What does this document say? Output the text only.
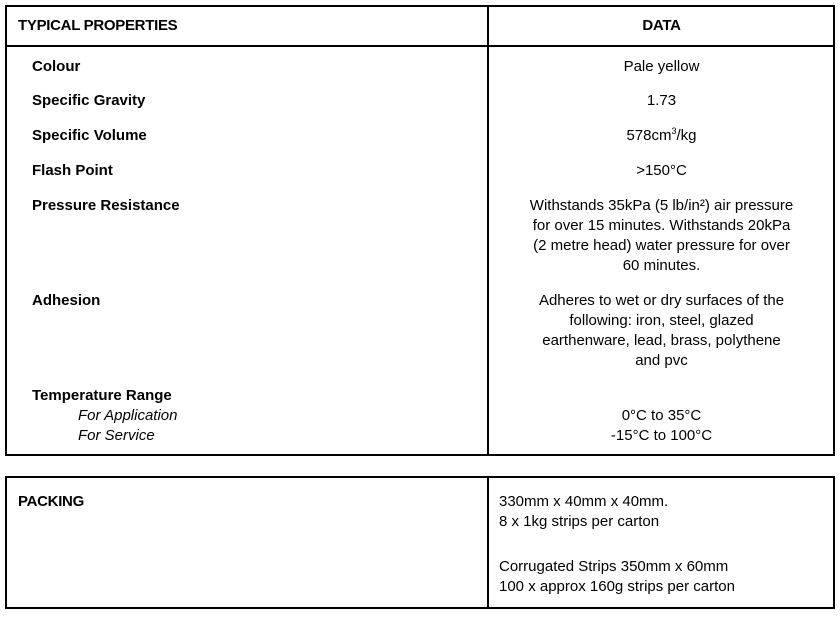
TYPICAL PROPERTIES	DATA
Colour	Pale yellow
Specific Gravity	1.73
Specific Volume	$578cm^3/kg$
Flash Point	>150°C
Pressure Resistance	Withstands 35kPa (5 lb/in²) air pressure
for over 15 minutes. Withstands 20kPa
(2 metre head) water pressure for over
60 minutes.
Adhesion	Adheres to wet or dry surfaces of the
following: iron, steel, glazed
earthenware, lead, brass, polythene
and pvc
Temperature Range
For Application	0°C to 35°C
For Service	-15°C to 100°C
PACKING	330mm x 40mm x 40mm.
8 x 1kg strips per carton
Corrugated Strips 350mm x 60mm
100 x approx 160g strips per carton
